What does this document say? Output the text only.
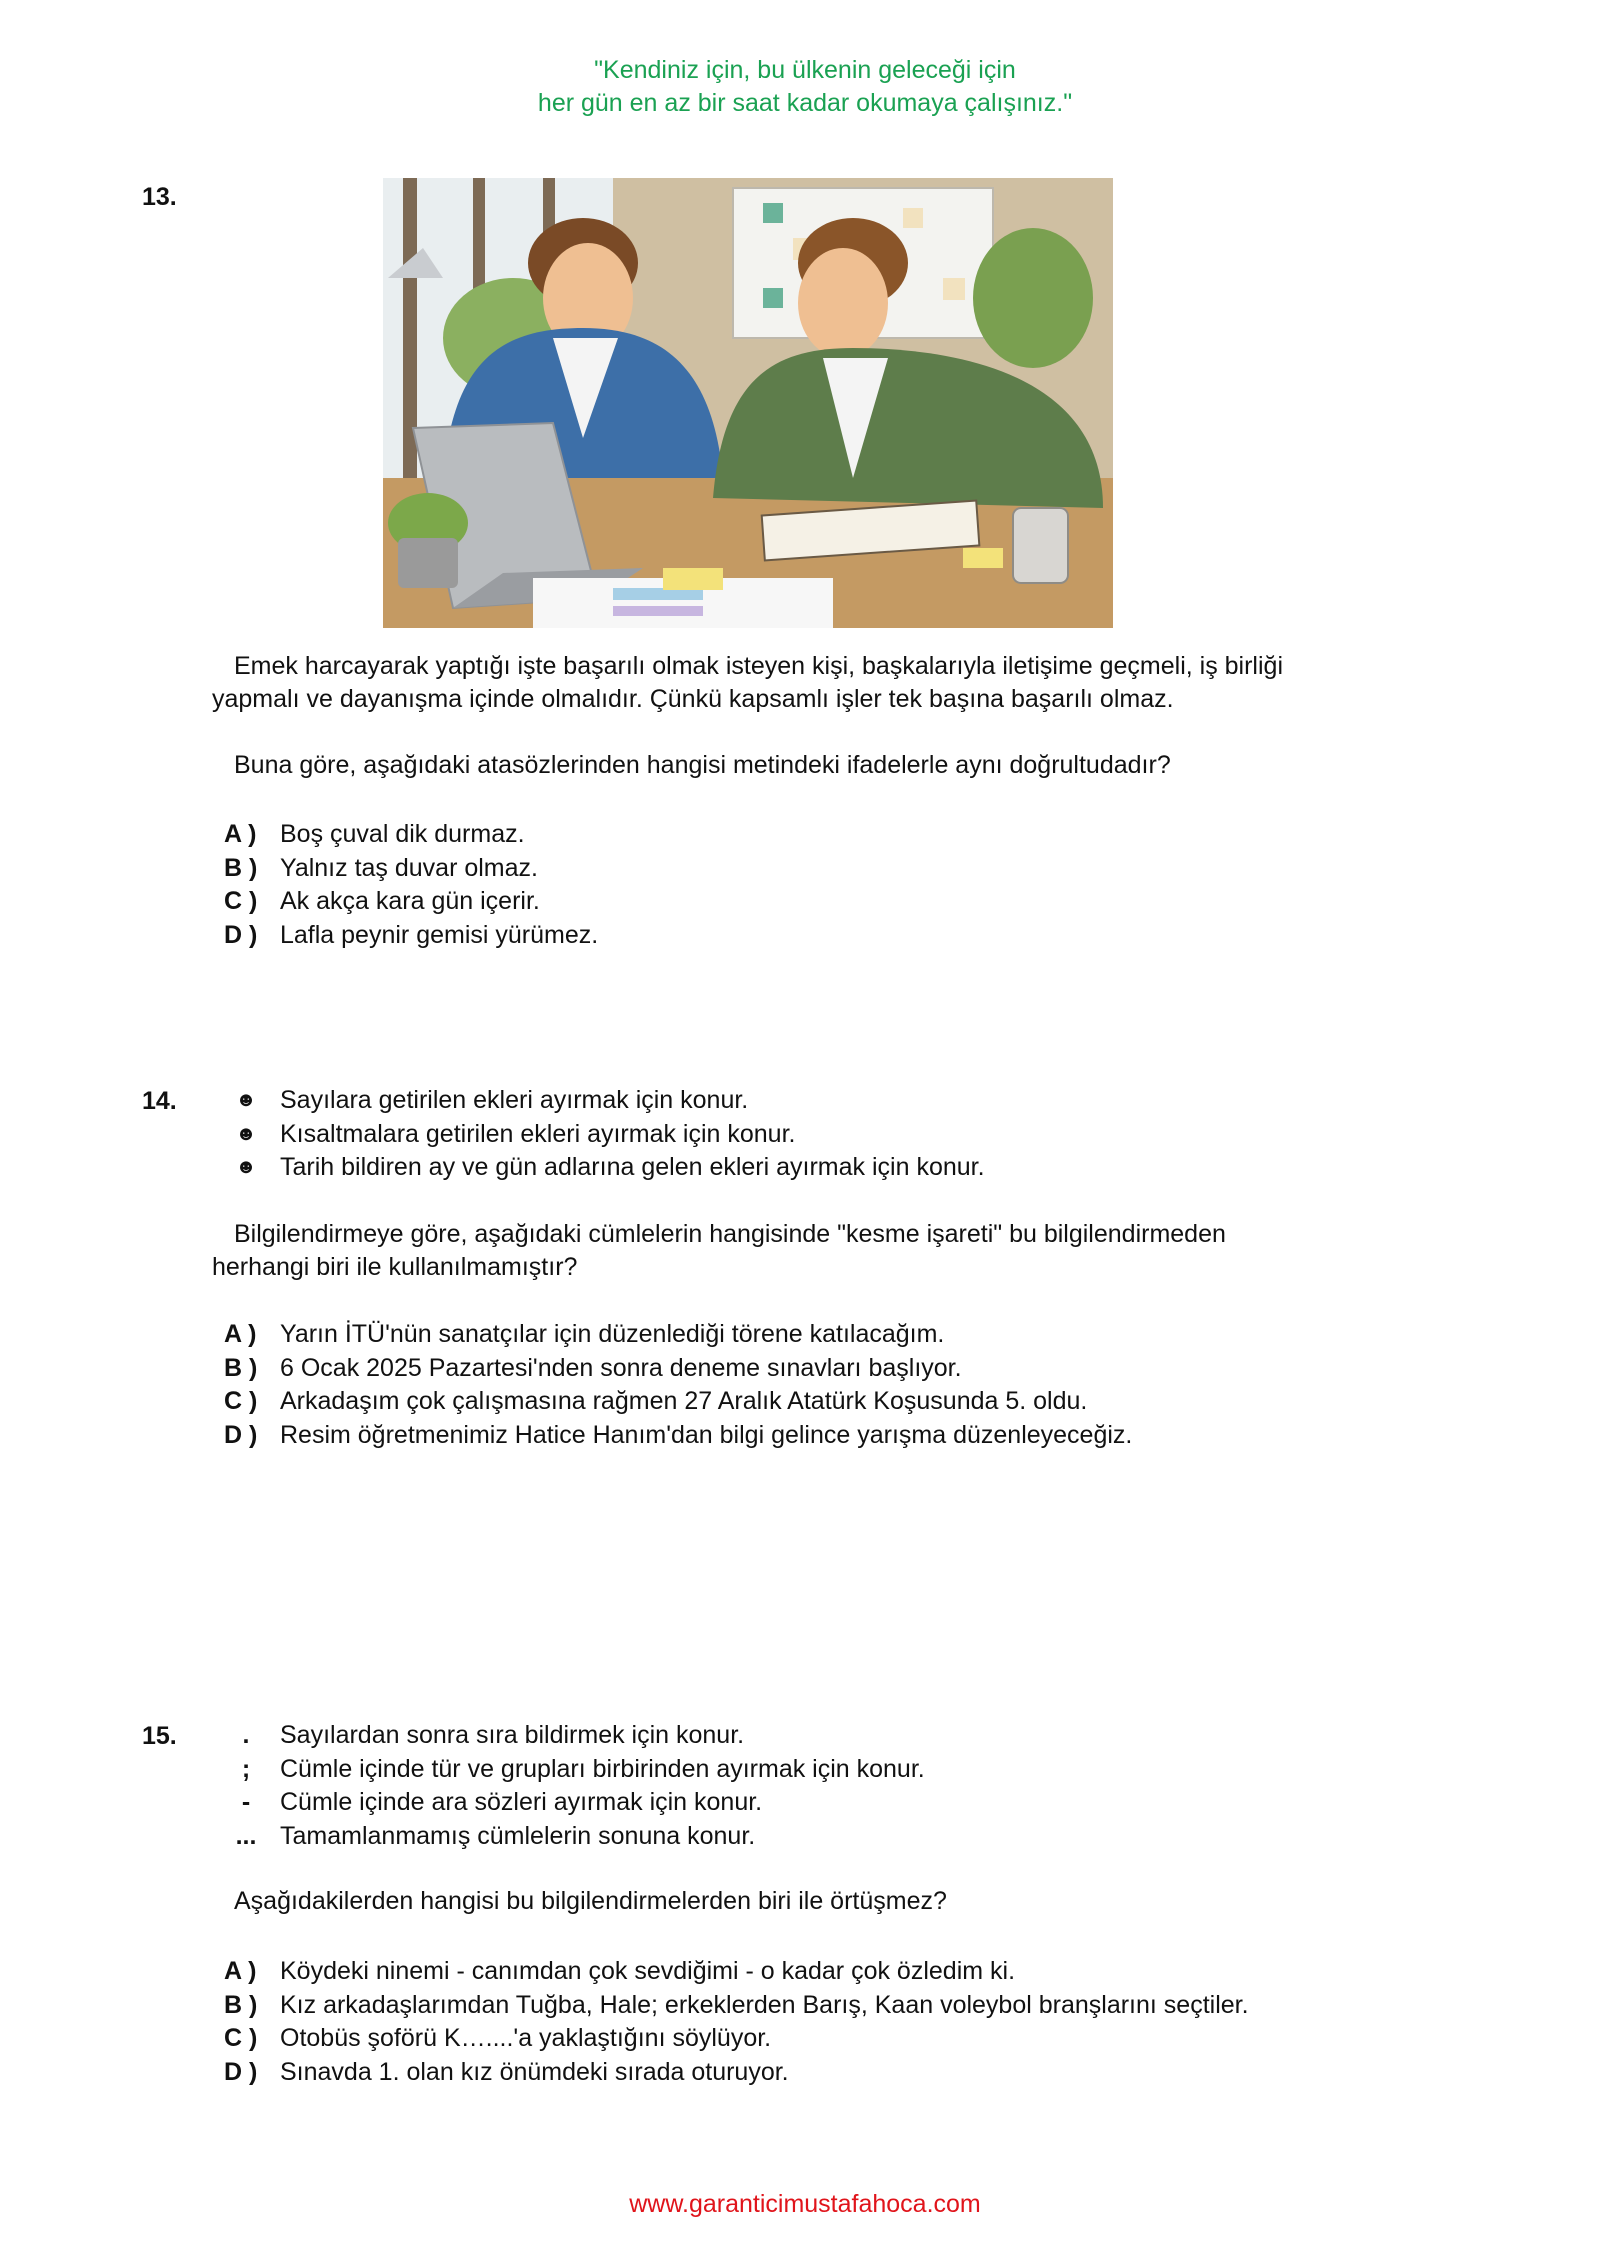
"Kendiniz için, bu ülkenin geleceği için
her gün en az bir saat kadar okumaya çalışınız."
13.
Emek harcayarak yaptığı işte başarılı olmak isteyen kişi, başkalarıyla iletişime geçmeli, iş birliği
yapmalı ve dayanışma içinde olmalıdır. Çünkü kapsamlı işler tek başına başarılı olmaz.
Buna göre, aşağıdaki atasözlerinden hangisi metindeki ifadelerle aynı doğrultudadır?
A ) Boş çuval dik durmaz.
B ) Yalnız taş duvar olmaz.
C ) Ak akça kara gün içerir.
D ) Lafla peynir gemisi yürümez.
14.	☻ Sayılara getirilen ekleri ayırmak için konur.
☻ Kısaltmalara getirilen ekleri ayırmak için konur.
☻ Tarih bildiren ay ve gün adlarına gelen ekleri ayırmak için konur.
Bilgilendirmeye göre, aşağıdaki cümlelerin hangisinde "kesme işareti" bu bilgilendirmeden
herhangi biri ile kullanılmamıştır?
A ) Yarın İTÜ'nün sanatçılar için düzenlediği törene katılacağım.
B ) 6 Ocak 2025 Pazartesi'nden sonra deneme sınavları başlıyor.
C ) Arkadaşım çok çalışmasına rağmen 27 Aralık Atatürk Koşusunda 5. oldu.
D ) Resim öğretmenimiz Hatice Hanım'dan bilgi gelince yarışma düzenleyeceğiz.
15.	.	Sayılardan sonra sıra bildirmek için konur.
;	Cümle içinde tür ve grupları birbirinden ayırmak için konur.
-	Cümle içinde ara sözleri ayırmak için konur.
... Tamamlanmamış cümlelerin sonuna konur.
Aşağıdakilerden hangisi bu bilgilendirmelerden biri ile örtüşmez?
A ) Köydeki ninemi - canımdan çok sevdiğimi - o kadar çok özledim ki.
B ) Kız arkadaşlarımdan Tuğba, Hale; erkeklerden Barış, Kaan voleybol branşlarını seçtiler.
C ) Otobüs şoförü K…....'a yaklaştığını söylüyor.
D ) Sınavda 1. olan kız önümdeki sırada oturuyor.
www.garanticimustafahoca.com
